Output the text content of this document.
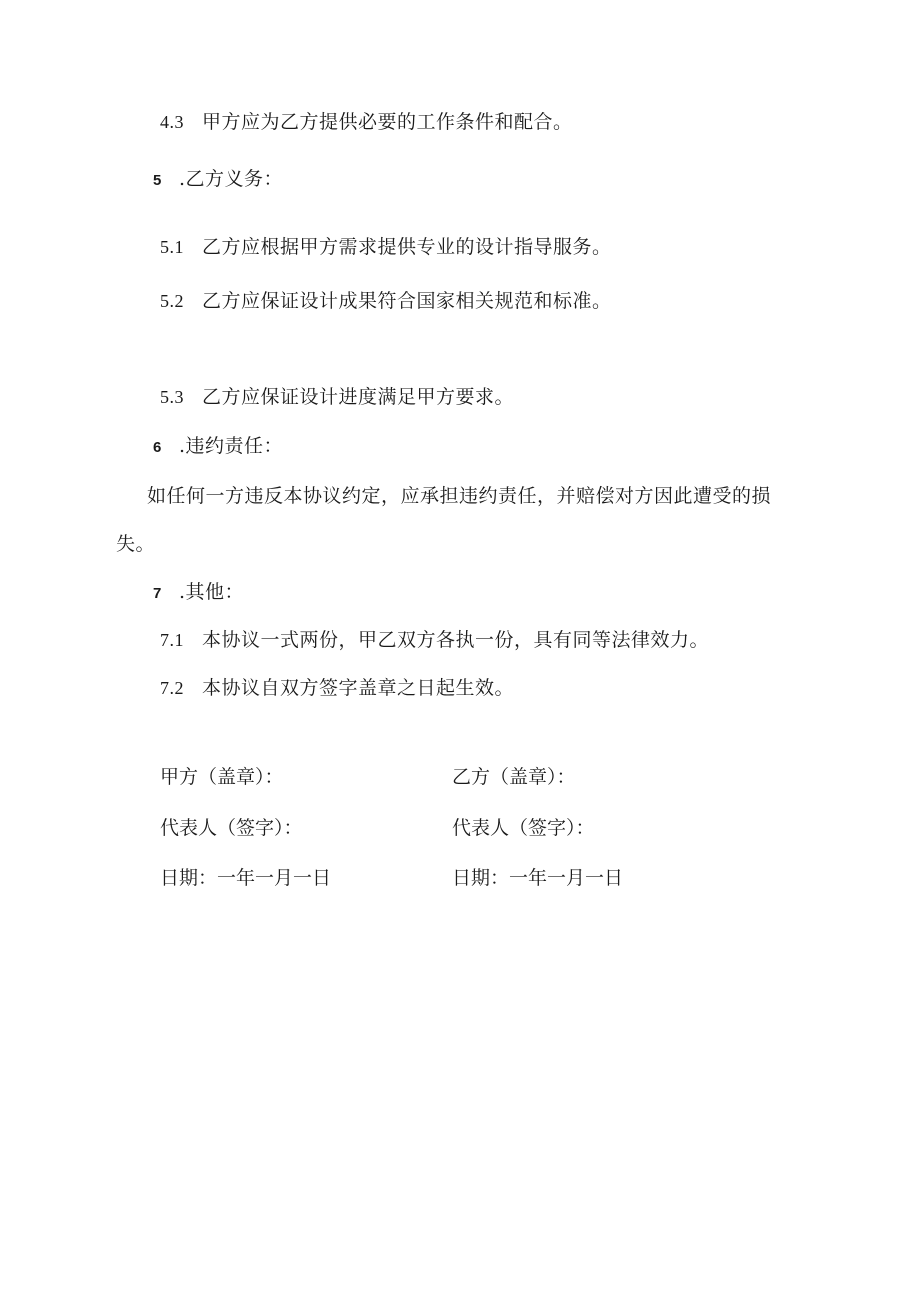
4.3 甲方应为乙方提供必要的工作条件和配合。
5 .乙方义务：
5.1 乙方应根据甲方需求提供专业的设计指导服务。
5.2 乙方应保证设计成果符合国家相关规范和标准。
5.3 乙方应保证设计进度满足甲方要求。
6 .违约责任：
如任何一方违反本协议约定，应承担违约责任，并赔偿对方因此遭受的损失。
7 .其他：
7.1 本协议一式两份，甲乙双方各执一份，具有同等法律效力。
7.2 本协议自双方签字盖章之日起生效。
甲方（盖章）：
代表人（签字）：
日期：一年一月一日
乙方（盖章）：
代表人（签字）：
日期：一年一月一日
